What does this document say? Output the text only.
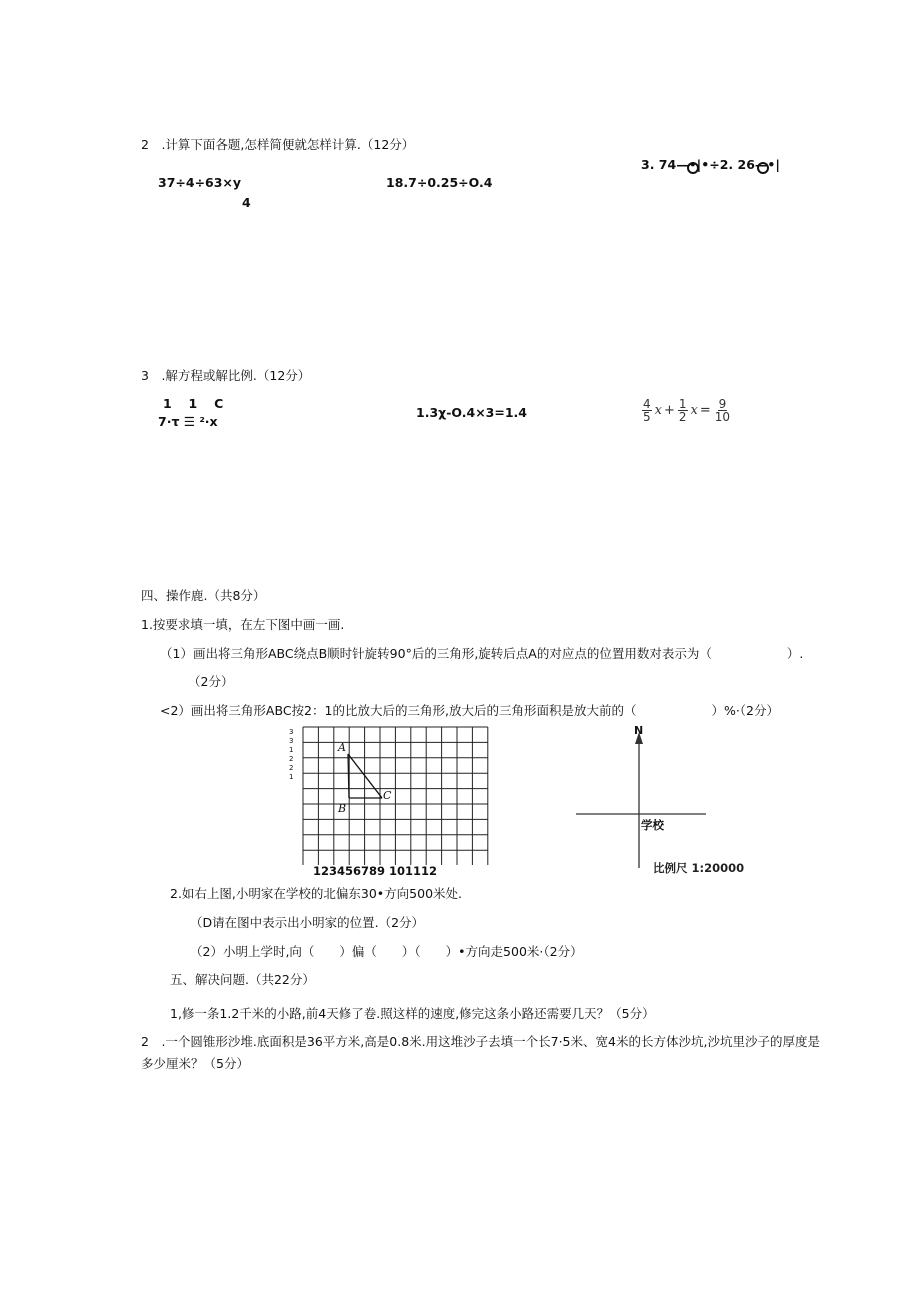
2　.计算下面各题,怎样简便就怎样计算.（12分）
37÷4÷63×y
4
18.7÷0.25÷O.4
3. 74—•|•÷2. 26—•|
3　.解方程或解比例.（12分）
1　 1　 C
7·τ ☰ ²·x
1.3χ-O.4×3=1.4	$\frac{4}{5}$ $x + \frac{1}{2}$ $x = \frac{9}{10}$
四、操作鹿.（共8分）
1.按要求填一填，在左下图中画一画.
（1）画出将三角形ABC绕点B顺时针旋转90°后的三角形,旋转后点A的对应点的位置用数对表示为（　　　　　　）.
（2分）
<2）画出将三角形ABC按2：1的比放大后的三角形,放大后的三角形面积是放大前的（　　　　　　）%·（2分）
A
B
C
3
3
1
2
2
1
123456789 101112
N
学校
比例尺 1:20000
2.如右上图,小明家在学校的北偏东30•方向500米处.
（D请在图中表示出小明家的位置.（2分）
（2）小明上学时,向（　　）偏（　　）（　　）•方向走500米·（2分）
五、解决问题.（共22分）
1,修一条1.2千米的小路,前4天修了卷.照这样的速度,修完这条小路还需要几天？（5分）
2　.一个圆锥形沙堆.底面积是36平方米,高是0.8米.用这堆沙子去填一个长7·5米、宽4米的长方体沙坑,沙坑里沙子的厚度是
多少厘米？（5分）
